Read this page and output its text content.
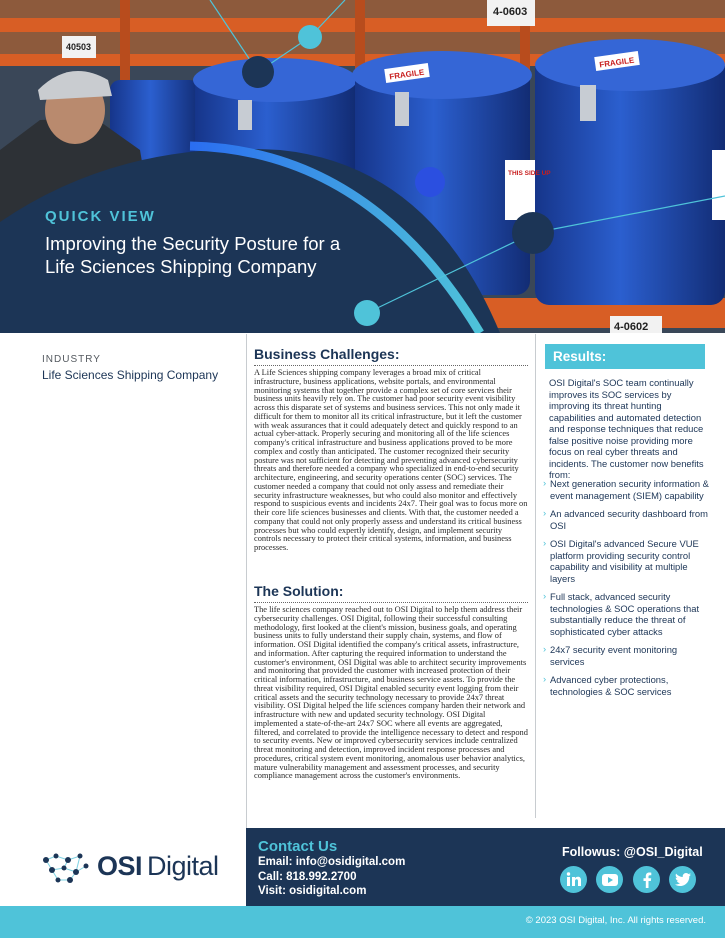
4-0603
40503
4-0602
FRAGILE
FRAGILE
THIS SIDE UP
QUICK VIEW
Improving the Security Posture for a Life Sciences Shipping Company
INDUSTRY
Life Sciences Shipping Company
Business Challenges:

A Life Sciences shipping company leverages a broad mix of critical infrastructure, business applications, website portals, and environmental monitoring systems that together provide a complex set of core services their business units heavily rely on. The customer had poor security event visibility across this disparate set of systems and business services. This not only made it difficult for them to monitor all its critical infrastructure, but it left the customer with weak assurances that it could adequately detect and quickly respond to an actual cyber-attack. Properly securing and monitoring all of the life sciences company's critical infrastructure and business applications proved to be more complex and costly than anticipated. The customer recognized their security posture was not sufficient for detecting and preventing advanced cybersecurity threats and therefore needed a company who specialized in end-to-end security architecture, engineering, and security operations center (SOC) services. The customer needed a company that could not only assess and remediate their security infrastructure weaknesses, but who could also monitor and effectively respond to suspicious events and incidents 24x7. Their goal was to focus more on their core life sciences businesses and clients. With that, the customer needed a company that could not only properly assess and understand its critical business processes but who could expertly identify, design, and implement security controls necessary to protect their critical systems, information, and business processes.

The Solution:

The life sciences company reached out to OSI Digital to help them address their cybersecurity challenges. OSI Digital, following their successful consulting methodology, first looked at the client's mission, business goals, and operating business units to fully understand their supply chain, systems, and flow of information. OSI Digital identified the company's critical assets, infrastructure, and information. After capturing the required information to understand the customer's environment, OSI Digital was able to architect security improvements and monitoring that provided the customer with increased protection of their critical information, infrastructure, and business service assets. To provide the threat visibility required, OSI Digital enabled security event logging from their critical assets and the security technology necessary to provide 24x7 threat visibility. OSI Digital helped the life sciences company harden their network and infrastructure with new and updated security technology. OSI Digital implemented a state-of-the-art 24x7 SOC where all events are aggregated, filtered, and correlated to provide the intelligence necessary to detect and respond to security events. New or improved cybersecurity services include centralized threat monitoring and detection, improved incident response processes and procedures, critical system event monitoring, anomalous user behavior analytics, mature vulnerability management and assessment processes, and security compliance management across the customer's environments.

Results:

OSI Digital's SOC team continually improves its SOC services by improving its threat hunting capabilities and automated detection and response techniques that reduce false positive noise providing more focus on real cyber threats and incidents. The customer now benefits from:

› Next generation security information & event management (SIEM) capability
› An advanced security dashboard from OSI
› OSI Digital's advanced Secure VUE platform providing security control capability and visibility at multiple layers
› Full stack, advanced security technologies & SOC operations that substantially reduce the threat of sophisticated cyber attacks
› 24x7 security event monitoring services
› Advanced cyber protections, technologies & SOC services
OSI Digital
Contact Us
Email: info@osidigital.com
Call: 818.992.2700
Visit: osidigital.com
Followus: @OSI_Digital
© 2023 OSI Digital, Inc. All rights reserved.
